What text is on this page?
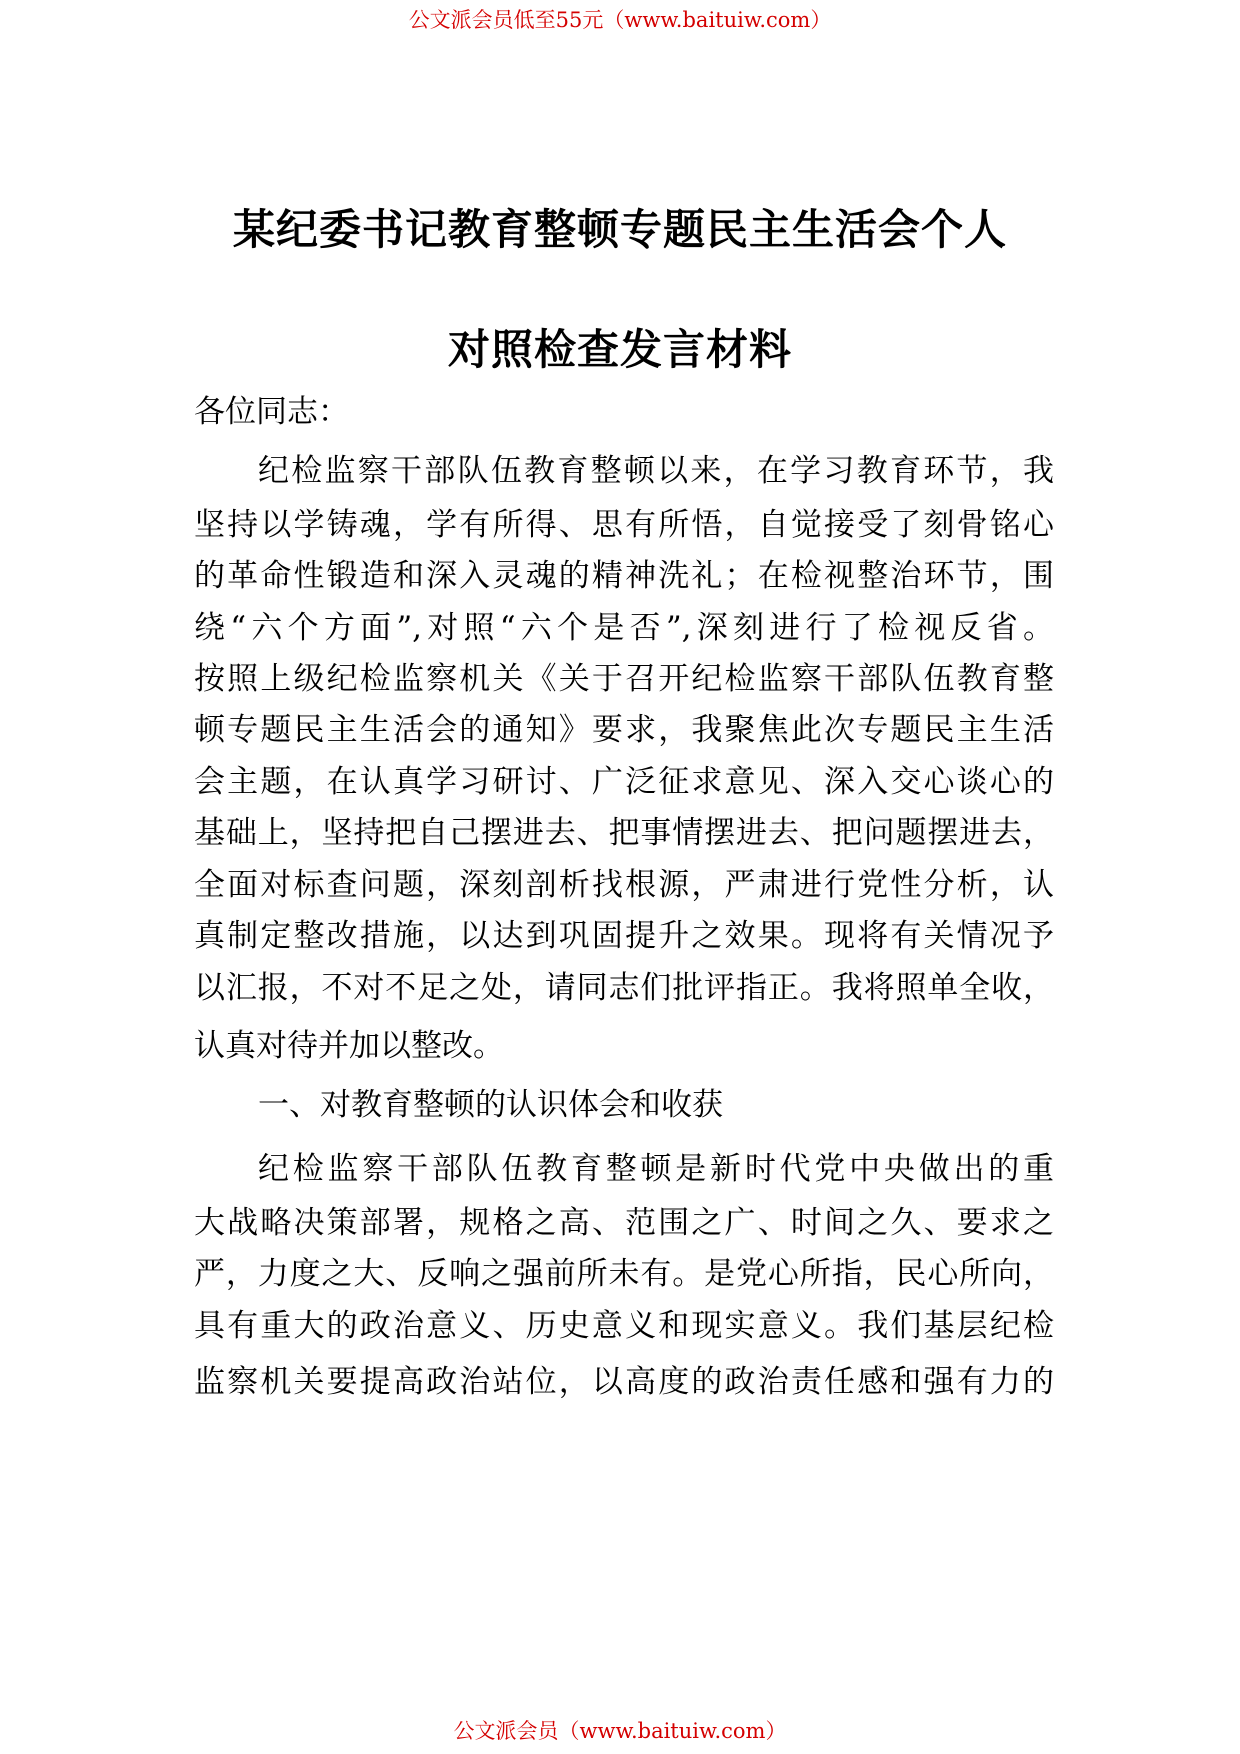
公文派会员低至55元（www.baituiw.com）
某纪委书记教育整顿专题民主生活会个人
对照检查发言材料
各位同志：
纪检监察干部队伍教育整顿以来，在学习教育环节，我
坚持以学铸魂，学有所得、思有所悟，自觉接受了刻骨铭心
的革命性锻造和深入灵魂的精神洗礼；在检视整治环节，围
绕“六个方面”,对照“六个是否”,深刻进行了检视反省。
按照上级纪检监察机关《关于召开纪检监察干部队伍教育整
顿专题民主生活会的通知》要求，我聚焦此次专题民主生活
会主题，在认真学习研讨、广泛征求意见、深入交心谈心的
基础上，坚持把自己摆进去、把事情摆进去、把问题摆进去，
全面对标查问题，深刻剖析找根源，严肃进行党性分析，认
真制定整改措施，以达到巩固提升之效果。现将有关情况予
以汇报，不对不足之处，请同志们批评指正。我将照单全收，
认真对待并加以整改。
一、对教育整顿的认识体会和收获
纪检监察干部队伍教育整顿是新时代党中央做出的重
大战略决策部署，规格之高、范围之广、时间之久、要求之
严，力度之大、反响之强前所未有。是党心所指，民心所向，
具有重大的政治意义、历史意义和现实意义。我们基层纪检
监察机关要提高政治站位，以高度的政治责任感和强有力的
公文派会员（www.baituiw.com）
